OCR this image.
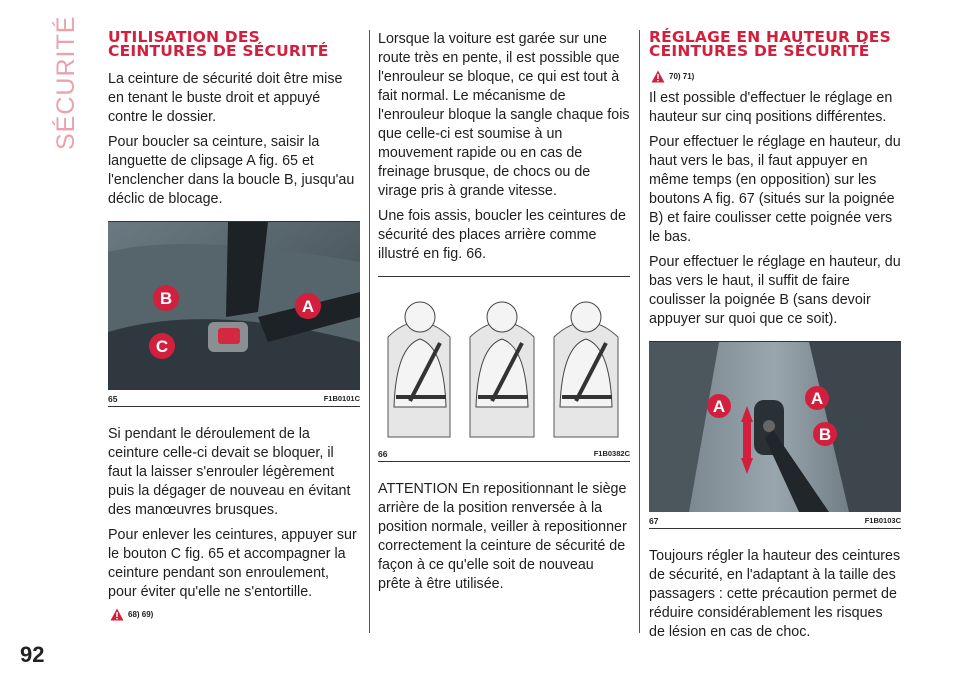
SÉCURITÉ
92
UTILISATION DES CEINTURES DE SÉCURITÉ

La ceinture de sécurité doit être mise en tenant le buste droit et appuyé contre le dossier.

Pour boucler sa ceinture, saisir la languette de clipsage A fig. 65 et l'enclencher dans la boucle B, jusqu'au déclic de blocage.

B	A
C
65	F1B0101C

Si pendant le déroulement de la ceinture celle-ci devait se bloquer, il faut la laisser s'enrouler légèrement puis la dégager de nouveau en évitant des manœuvres brusques.

Pour enlever les ceintures, appuyer sur le bouton C fig. 65 et accompagner la ceinture pendant son enroulement, pour éviter qu'elle ne s'entortille.

68) 69)

Lorsque la voiture est garée sur une route très en pente, il est possible que l'enrouleur se bloque, ce qui est tout à fait normal. Le mécanisme de l'enrouleur bloque la sangle chaque fois que celle-ci est soumise à un mouvement rapide ou en cas de freinage brusque, de chocs ou de virage pris à grande vitesse.

Une fois assis, boucler les ceintures de sécurité des places arrière comme illustré en fig. 66.

66	F1B0382C

ATTENTION En repositionnant le siège arrière de la position renversée à la position normale, veiller à repositionner correctement la ceinture de sécurité de façon à ce qu'elle soit de nouveau prête à être utilisée.

RÉGLAGE EN HAUTEUR DES CEINTURES DE SÉCURITÉ
70) 71)

Il est possible d'effectuer le réglage en hauteur sur cinq positions différentes.

Pour effectuer le réglage en hauteur, du haut vers le bas, il faut appuyer en même temps (en opposition) sur les boutons A fig. 67 (situés sur la poignée B) et faire coulisser cette poignée vers le bas.

Pour effectuer le réglage en hauteur, du bas vers le haut, il suffit de faire coulisser la poignée B (sans devoir appuyer sur quoi que ce soit).

A	A
B
67	F1B0103C

Toujours régler la hauteur des ceintures de sécurité, en l'adaptant à la taille des passagers : cette précaution permet de réduire considérablement les risques de lésion en cas de choc.
